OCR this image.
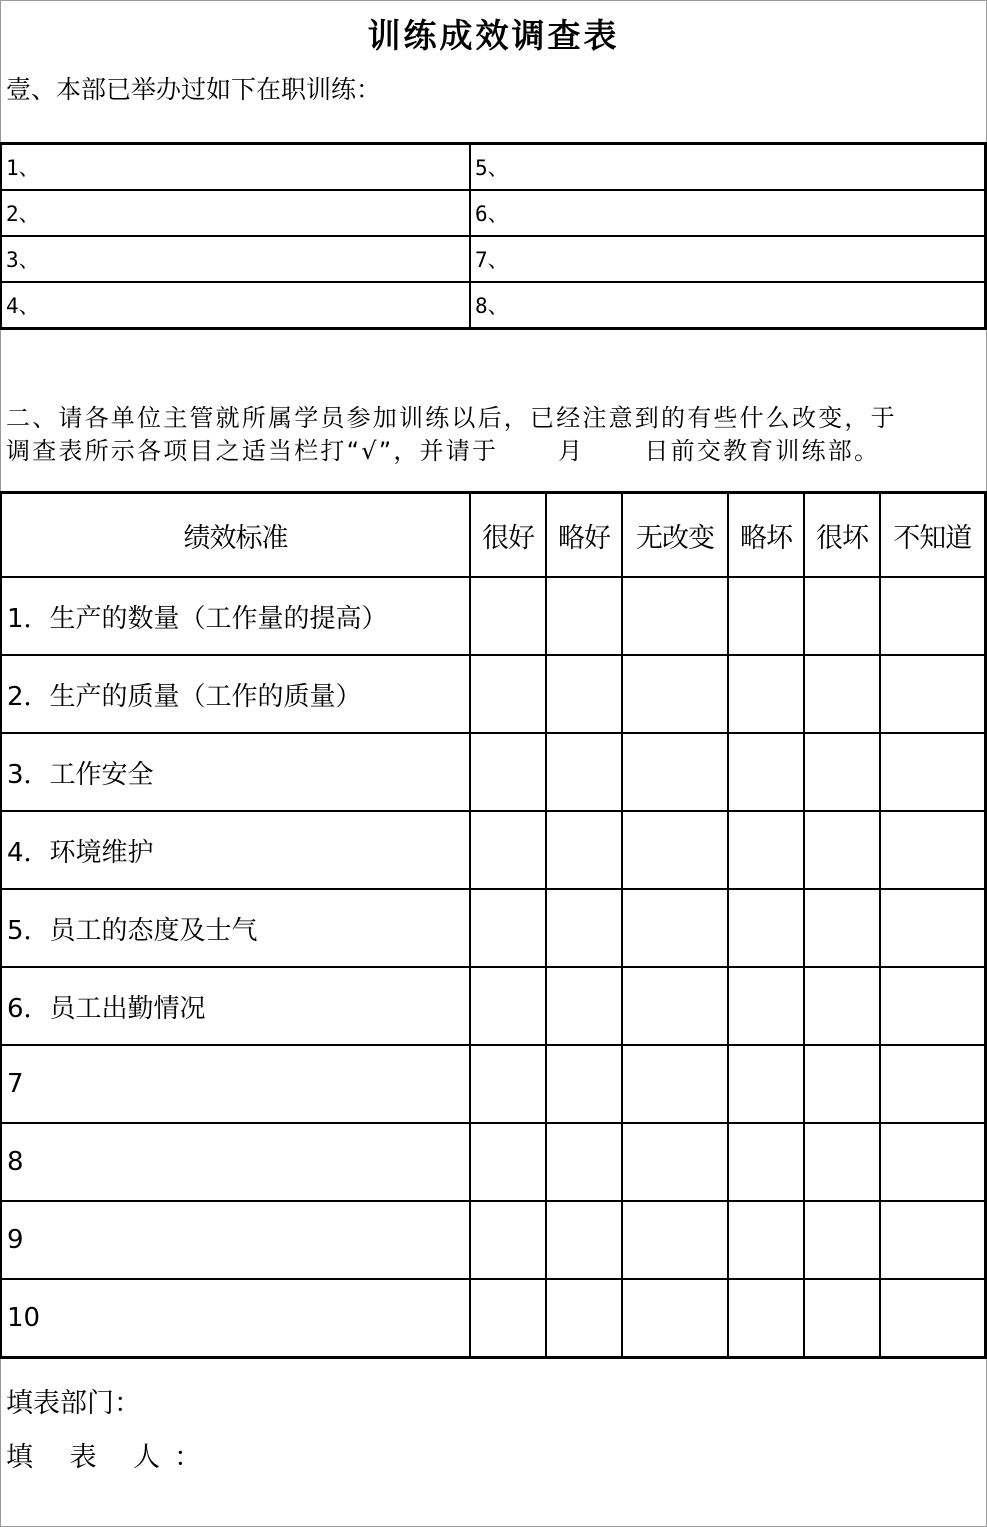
训练成效调查表
壹、本部已举办过如下在职训练：
1、	5、
2、	6、
3、	7、
4、	8、
二、请各单位主管就所属学员参加训练以后，已经注意到的有些什么改变，于
调查表所示各项目之适当栏打“√”，并请于	月	日前交教育训练部。
绩效标准	很好	略好	无改变	略坏	很坏	不知道
1．生产的数量（工作量的提高）						
2．生产的质量（工作的质量）						
3．工作安全						
4．环境维护						
5．员工的态度及士气						
6．员工出勤情况						
7						
8						
9						
10						
填表部门：
填 表 人：
